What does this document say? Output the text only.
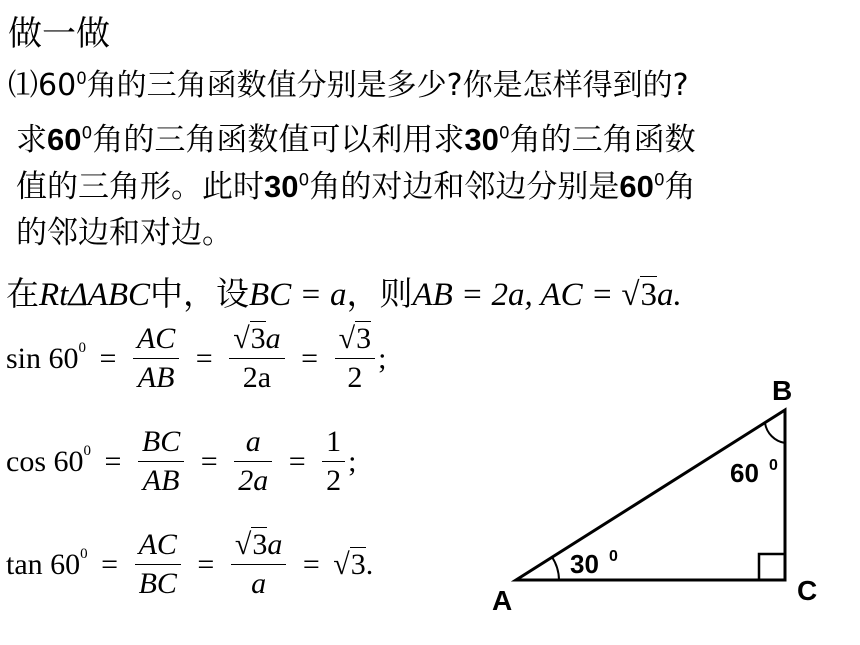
做一做
$⑴60^0$角的三角函数值分别是多少?你是怎样得到的?
求$60^0$角的三角函数值可以利用求$30^0$角的三角函数
值的三角形。此时$30^0$角的对边和邻边分别是$60^0$角
的邻边和对边。
在RtΔABC中，设BC = a，则AB = 2a, AC = √3a.
$\sin 60^0 = \frac{AC}{AB} = \frac{√3a}{2a} = \frac{√3}{2}$ ;
$\cos 60^0 = \frac{BC}{AB} = \frac{a}{2a} = \frac{1}{2}$ ;
$\tan 60^0 = \frac{AC}{BC} = \frac{√3a}{a} = √3$.
B
A	C
60 0
30 0
